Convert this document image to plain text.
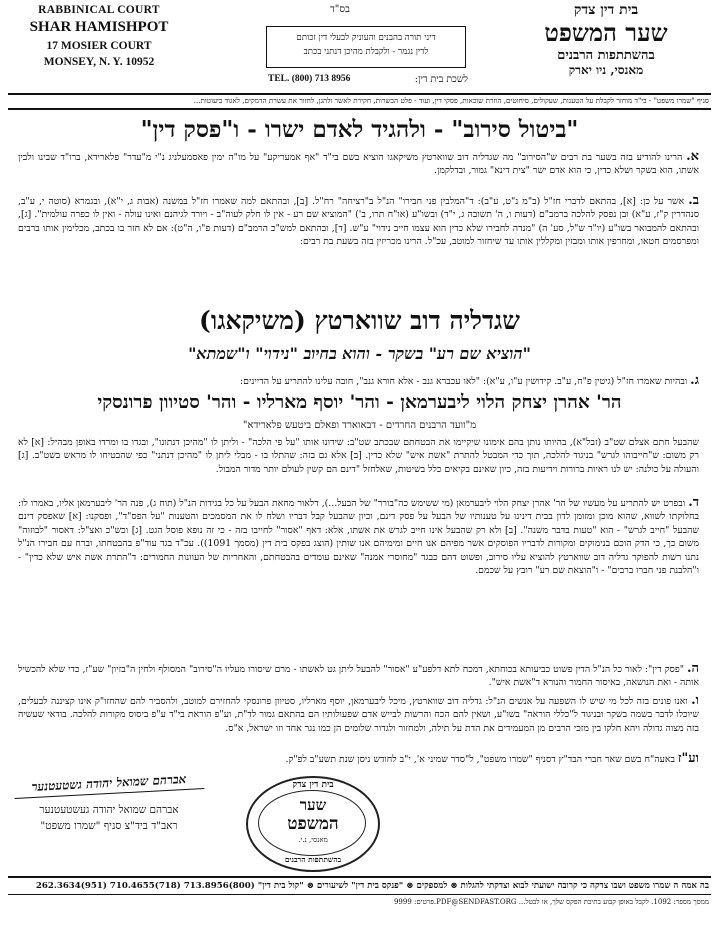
RABBINICAL COURT
SHAR HAMISHPOT
17 MOSIER COURT
MONSEY, N. Y. 10952
בס"ד
דיני תורה בהבנים והעוניק לבעלי דין זכותם
לדין נגמר - ולקבלת מהיכן דנתני בכתב
TEL. (800) 713 8956	לשכת בית דין:
בית דין צדק
שער המשפט
בהשתתפות הרבנים
מאנסי, ניו יארק
סניף "שמרו משפט" - בי"ד מוחזר לקבלת על הטענות, שעקולים, סיחוטים, הוזרת שוכאות, פסקי דין, ועוד - פלט הכשרות, חקירת לאשר ולהגן, לחזור את עשרת הדמקים, לאגוד ביעוטות...
"ביטול סירוב" - ולהגיד לאדם ישרו - ו"פסק דין"
א. הרינו להודיע בזה בשער בת רבים ש"הסירוב" מה שגדליה דוב שווארטץ משיקאגו הוציא בשם בי"ד "אף אמעריקע" על מו"ה ימין פאסמעלניג נ"י מ"עדר" פלארידא, ברו"ד שבינו ולבין אשתו, הוא בשקר ושלא כדין, כי הוא אדם ישר "צית דינא" גמור, ובדלקמן.
ב. אשר על כן: [א], בהתאם לדברי חז"ל (ב"מ נ"ט, ע"ב): ד"המלבין פני חבירו" הנ"ל ב"רציחה" רח"ל. [ב], ובהתאם למה שאמרו חז"ל במשנה (אבות ג, י"א), ובגמרא (סוטה י, ע"ב, סנהדרין ק"ז, ע"א) ובן נפסק להלכה ברמב"ם (דעות ו, ה' תשובה ג, י"ד) ובשו"ע (או"ח תרו, ב') "המוציא שם רע - אין לו חלק לעוה"ב - ויורד לגיהנם ואינו עולה - ואין לו כפרה עולמית". [ג], ובהתאם להמבואר בשו"ע (יו"ד ש"ל, סע' ה) "מנדה לחבירו שלא כדין הוא עצמו חייב נידוי" ע"ש. [ד], ובהתאם למש"כ הרמב"ם (דעות פ"ו, ה"ט): אם לא חזר בו בכתב, מכלימין אותו ברבים ומפרסמים חטאו, ומחרפין אותו ומבזין ומקללין אותו עד שיחזור למוטב, עכ"ל. הרינו מכריזין בזה בשעת בת רבים:
שגדליה דוב שווארטץ (משיקאגו)
"הוציא שם רע" בשקר - והוא בחיוב "נידוי" ו"שמתא"
ג. ובהיות שאמרו חז"ל (גיטין פ"ח, ע"ב. קידושין ע"ו, ע"א): "לאו עכברא גנב - אלא חורא גנב", חובה עלינו להתריע על הדיינים:
הר' אהרן יצחק הלוי ליבערמאן - והר' יוסף מארליו - והר' סטיוון פרונסקי
מ"וועד הרבנים החרדים - דבאוארד ופאלם ביטעש פלארידא"
שהבעל חתם אצלם שט"ב (זבל"א), בהיותו נותן בהם אימונו שיקיימו את הבטחתם שבכתב שט"ב: שידונו אותו "על פי הלכה" - וליתן לו "מהיכן דנתונו", ובגדו בו ומרדו באופן מבהיל: [א] לא רק משום: ש"חייבוהו לגרש" בניגוד להלכה, תוך כדי המבטל להתרת "אשת איש" שלא כדין. [ב] אלא גם בזה: שהתלו בו - מבלי ליתן לו "מהיכן דנתני" כפי שהבטיחו לו מראש בשט"ב. [ג] והעולה על כולנה: יש לנו ראיות ברורות וידיעות בזה, כיון שאינם בקיאים כלל בשיטות, שאלחזל "דינם הם קשין לעולם יותר מדור המבול.
ד. ובפרט יש להתריע על מעשיו של הר' אהרן יצחק הלוי ליבערמאן (מי ששימש כה"בורר" של הבעל...), דלאור מחאת הבעל על כל בגידות הנ"ל (תוח ג), פנה הר' ליבערמאן אליו, באמרו לו: בחלוקתו לשווא, שהוא מוכן ומזומן לדון בבית דינינו על טענותיו של הבעל על פסק דינם, וכיון שהבעל קבל דבריו ושלח לו את המסמכים והטענות "על הפס"ד", ופסקנו: [א] שאפסק דינם שהבעל "חייב לגרש" - הוא "טעות בדבר משנה". [ב] ולא רק שהבעל אינו חייב לגרש את אשתו, אלא: דאף "אסור" לחייבו בזה - כי זה נופא פוסל הגט. [ג] וכש"כ ואצ"ל: דאסור "לבוזוה" משום כך, כי הדק הוכם בנימוקים ומקורות לדבריו הפוסקים אשר מפיהם אנו חיים ומימיהם אנו שותין (הוצג בפקס בית דין (מסמך 1091)). עכ"ד בגד עוד"פ בהבטחתו, וברח עם חבירו הנ"ל נתנו רשות להפוקר גדליה דוב שווארטץ להוציא עליו סירוב, ופשוט דהם כבגד "מחוסרי אמנה" שאינם עומדים בהבטחתם, והאחריות של העוונות החמורים: ד"התרת אשת איש שלא כדין" - ו"הלבנת פני חברו ברבים" - ו"הוצאת שם רע" רובץ על שכמם.
ה. "פסק דין": לאור כל הנ"ל הדין פשוט כביעותא בכוחתא, דמכח לתא דלפע"ע "אסור" להבעל ליתן גט לאשתו - מרם שיסורו מעליו ה"סירוב" המסולף ולחין ה"בזיון" שע"ז, כדי שלא להכשיל אותה - ואת הנושאה, באיסור החמור והנורא ד"אשת איש".
ו. ואנו פונים בזה לכל מי שיש לו השפעה על אנשים הנ"ל: גדליה דוב שווארטץ, מיכל ליבערמאן, יוסף מארליו, סטיוון פרונסקי להחזירם למוטב, ולהסביר להם שהחזו"ק אינו קציננה לבעלים, שיוכלו לדבר בשמה בשקר ובניגוד ל"כללי הוראה" בשו"ע, ושאין להם הכח והרשות לבייש אדם שפעולותיו הם בהתאם גמור לד"ת, וע"פ הוראת בי"ד ע"פ ביסוס מקורות להלכה. בודאי שעשיה בזה מצוה גדולה ויהא חלקו בין מזכי הרבים מן המעמידים את הדת על תילה, ולמחזור ולגדור שלומים הן כמו נגר אחד וזו ישראל, א"ס.
וע"ז באעה"ח בשם שאר חברי הבד"ץ דסניף "שמרו משפט", ל"סדר שמיני א', י"ב לחודש ניסן שנת תשע"ב לפ"ק.
בית דין צדק
שער
המשפט
מאנסי, נ.י.
בהשתתפות הרבנים
אברהם שמואל יהודה גשטעטנער
אברהם שמואל יהודה געשטעטנער
ראב"ד ביד"צ סניף "שמרו משפט"
בה אמה ה שמרו משפט ושבו צדקה כי קרובה ישועתי לבוא וצדקתי להגלות ⊗ למספקים ⊗ "פנקס בית דין" לשיעורים ⊗ "קול בית דין" (800)713.8956 (718)710.4655 (951)262.3634
ממסך מספר: 1092. לקבל באופן קבוע בתיבת הפקס שלך, או לבטל... PDF@SENDFAST.ORG.פרטים: 9999
